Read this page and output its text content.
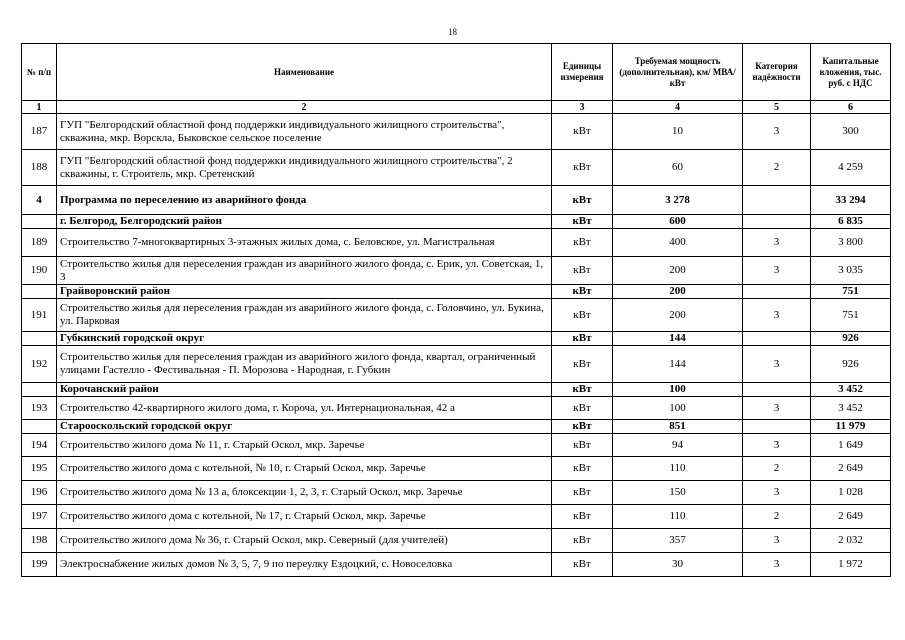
18
№ п/п	Наименование	Единицы измерения	Требуемая мощность (дополнительная), км/ МВА/ кВт	Категория надёжности	Капитальные вложения, тыс. руб. с НДС
1	2	3	4	5	6
187	ГУП "Белгородский областной фонд поддержки индивидуального жилищного строительства", скважина, мкр. Ворскла, Быковское сельское поселение	кВт	10	3	300
188	ГУП "Белгородский областной фонд поддержки индивидуального жилищного строительства", 2 скважины, г. Строитель, мкр. Сретенский	кВт	60	2	4 259
4	Программа по переселению из аварийного фонда	кВт	3 278		33 294
	г. Белгород, Белгородский район	кВт	600		6 835
189	Строительство 7-многоквартирных 3-этажных жилых дома, с. Беловское, ул. Магистральная	кВт	400	3	3 800
190	Строительство жилья для переселения граждан из аварийного жилого фонда, с. Ерик, ул. Советская, 1, 3	кВт	200	3	3 035
	Грайворонский район	кВт	200		751
191	Строительство жилья для переселения граждан из аварийного жилого фонда, с. Головчино, ул. Букина, ул. Парковая	кВт	200	3	751
	Губкинский городской округ	кВт	144		926
192	Строительство жилья для переселения граждан из аварийного жилого фонда, квартал, ограниченный улицами Гастелло - Фестивальная - П. Морозова - Народная, г. Губкин	кВт	144	3	926
	Корочанский район	кВт	100		3 452
193	Строительство 42-квартирного жилого дома, г. Короча, ул. Интернациональная, 42 а	кВт	100	3	3 452
	Старооскольский городской округ	кВт	851		11 979
194	Строительство жилого дома № 11, г. Старый Оскол, мкр. Заречье	кВт	94	3	1 649
195	Строительство жилого дома с котельной, № 10, г. Старый Оскол, мкр. Заречье	кВт	110	2	2 649
196	Строительство жилого дома № 13 а, блоксекции 1, 2, 3, г. Старый Оскол, мкр. Заречье	кВт	150	3	1 028
197	Строительство жилого дома с котельной, № 17, г. Старый Оскол, мкр. Заречье	кВт	110	2	2 649
198	Строительство жилого дома № 36, г. Старый Оскол, мкр. Северный (для учителей)	кВт	357	3	2 032
199	Электроснабжение жилых домов № 3, 5, 7, 9 по переулку Ездоцкий, с. Новоселовка	кВт	30	3	1 972
